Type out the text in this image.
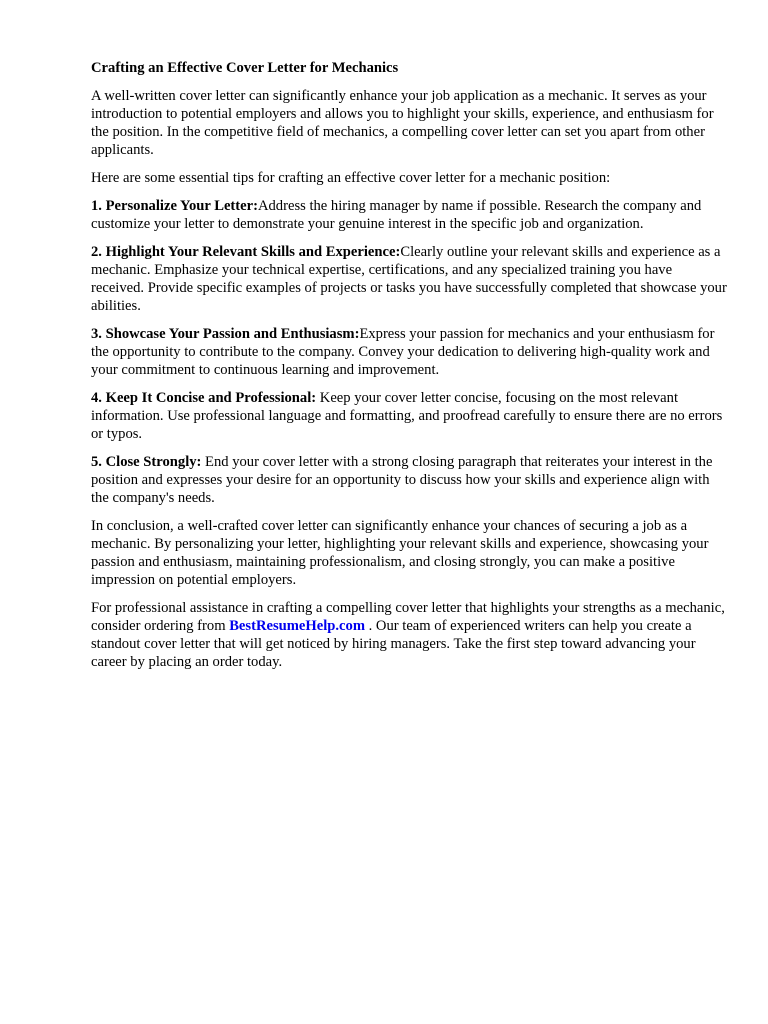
Crafting an Effective Cover Letter for Mechanics

A well-written cover letter can significantly enhance your job application as a mechanic. It serves as your introduction to potential employers and allows you to highlight your skills, experience, and enthusiasm for the position. In the competitive field of mechanics, a compelling cover letter can set you apart from other applicants.

Here are some essential tips for crafting an effective cover letter for a mechanic position:

1. Personalize Your Letter:Address the hiring manager by name if possible. Research the company and customize your letter to demonstrate your genuine interest in the specific job and organization.

2. Highlight Your Relevant Skills and Experience:Clearly outline your relevant skills and experience as a mechanic. Emphasize your technical expertise, certifications, and any specialized training you have received. Provide specific examples of projects or tasks you have successfully completed that showcase your abilities.

3. Showcase Your Passion and Enthusiasm:Express your passion for mechanics and your enthusiasm for the opportunity to contribute to the company. Convey your dedication to delivering high-quality work and your commitment to continuous learning and improvement.

4. Keep It Concise and Professional: Keep your cover letter concise, focusing on the most relevant information. Use professional language and formatting, and proofread carefully to ensure there are no errors or typos.

5. Close Strongly: End your cover letter with a strong closing paragraph that reiterates your interest in the position and expresses your desire for an opportunity to discuss how your skills and experience align with the company's needs.

In conclusion, a well-crafted cover letter can significantly enhance your chances of securing a job as a mechanic. By personalizing your letter, highlighting your relevant skills and experience, showcasing your passion and enthusiasm, maintaining professionalism, and closing strongly, you can make a positive impression on potential employers.

For professional assistance in crafting a compelling cover letter that highlights your strengths as a mechanic, consider ordering from BestResumeHelp.com . Our team of experienced writers can help you create a standout cover letter that will get noticed by hiring managers. Take the first step toward advancing your career by placing an order today.
